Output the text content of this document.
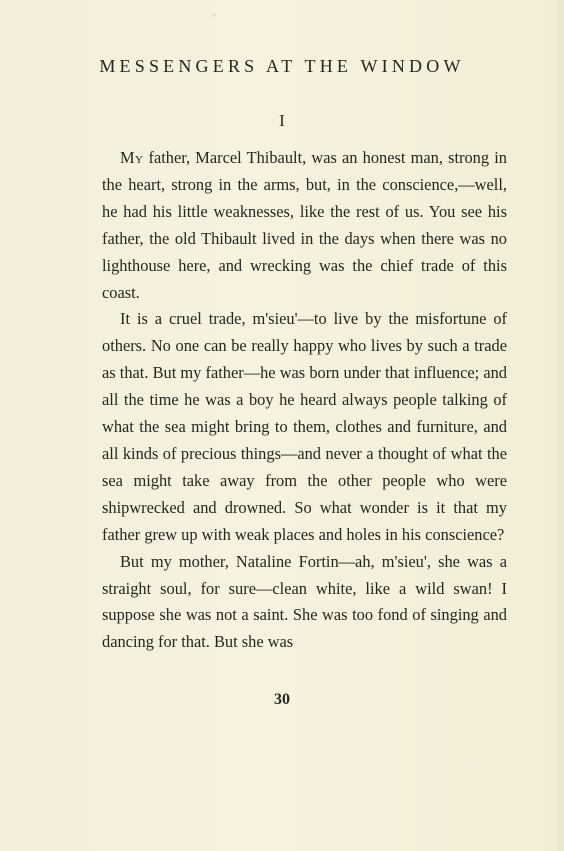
MESSENGERS AT THE WINDOW
I

My father, Marcel Thibault, was an honest man, strong in the heart, strong in the arms, but, in the conscience,—well, he had his little weaknesses, like the rest of us. You see his father, the old Thibault lived in the days when there was no lighthouse here, and wrecking was the chief trade of this coast.

It is a cruel trade, m'sieu'—to live by the misfortune of others. No one can be really happy who lives by such a trade as that. But my father—he was born under that influence; and all the time he was a boy he heard always people talking of what the sea might bring to them, clothes and furniture, and all kinds of precious things—and never a thought of what the sea might take away from the other people who were shipwrecked and drowned. So what wonder is it that my father grew up with weak places and holes in his conscience?

But my mother, Nataline Fortin—ah, m'sieu', she was a straight soul, for sure—clean white, like a wild swan! I suppose she was not a saint. She was too fond of singing and dancing for that. But she was

30
